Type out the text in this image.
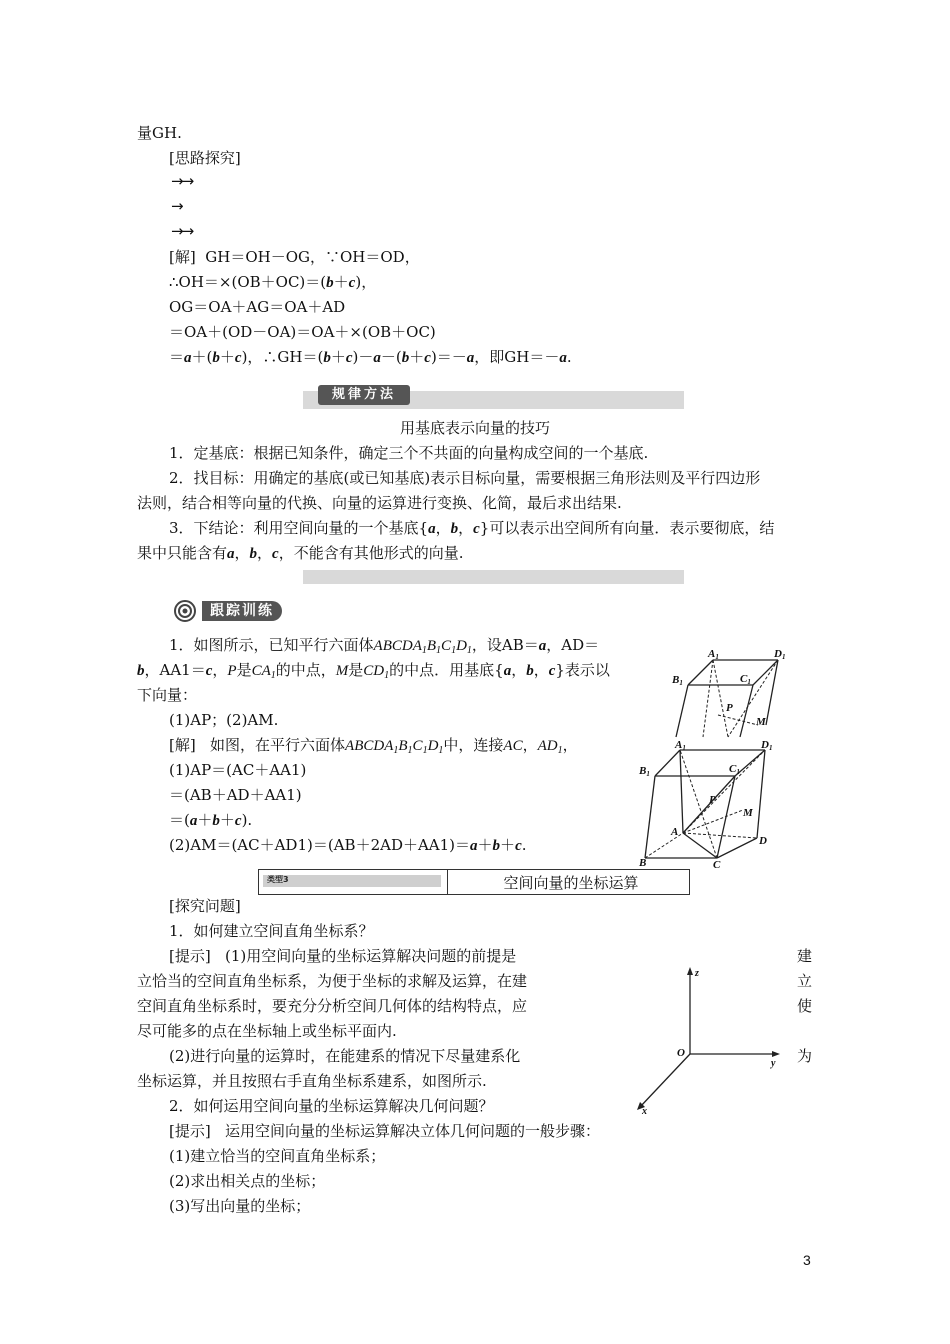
量GH.
[思路探究]
→→
→
→→
[解] GH＝OH－OG，∵OH＝OD，
∴OH＝×(OB＋OC)＝(b＋c)，
OG＝OA＋AG＝OA＋AD
＝OA＋(OD－OA)＝OA＋×(OB＋OC)
＝a＋(b＋c)，∴GH＝(b＋c)－a－(b＋c)＝－a，即GH＝－a.
规律方法
用基底表示向量的技巧
1．定基底：根据已知条件，确定三个不共面的向量构成空间的一个基底.
2．找目标：用确定的基底(或已知基底)表示目标向量，需要根据三角形法则及平行四边形
法则，结合相等向量的代换、向量的运算进行变换、化简，最后求出结果.
3．下结论：利用空间向量的一个基底{a，b，c}可以表示出空间所有向量．表示要彻底，结
果中只能含有a，b，c，不能含有其他形式的向量.
跟踪训练
1．如图所示，已知平行六面体$ABCDA_1B_1C_1D_1$，设AB＝a，AD＝
b，AA1＝c，P是$CA_1$的中点，M是$CD_1$的中点．用基底{a，b，c}表示以
下向量：
(1)AP；(2)AM.
[解] 如图，在平行六面体$ABCDA_1B_1C_1D_1$中，连接AC，$AD_1$，
(1)AP＝(AC＋AA1)
＝(AB＋AD＋AA1)
＝(a＋b＋c).
(2)AM＝(AC＋AD1)＝(AB＋2AD＋AA1)＝a＋b＋c.
A1	D1
B1	C1
P
M
A1	D1
B1	C1
P
M
A
B	C
D
类型3	空间向量的坐标运算
[探究问题]
1．如何建立空间直角坐标系？
[提示] (1)用空间向量的坐标运算解决问题的前提是	建
立恰当的空间直角坐标系，为便于坐标的求解及运算，在建	立
空间直角坐标系时，要充分分析空间几何体的结构特点，应	使
尽可能多的点在坐标轴上或坐标平面内.
(2)进行向量的运算时，在能建系的情况下尽量建系化	为
坐标运算，并且按照右手直角坐标系建系，如图所示.
2．如何运用空间向量的坐标运算解决几何问题？
[提示] 运用空间向量的坐标运算解决立体几何问题的一般步骤：
(1)建立恰当的空间直角坐标系；
(2)求出相关点的坐标；
(3)写出向量的坐标；
z
O
y
x
3
